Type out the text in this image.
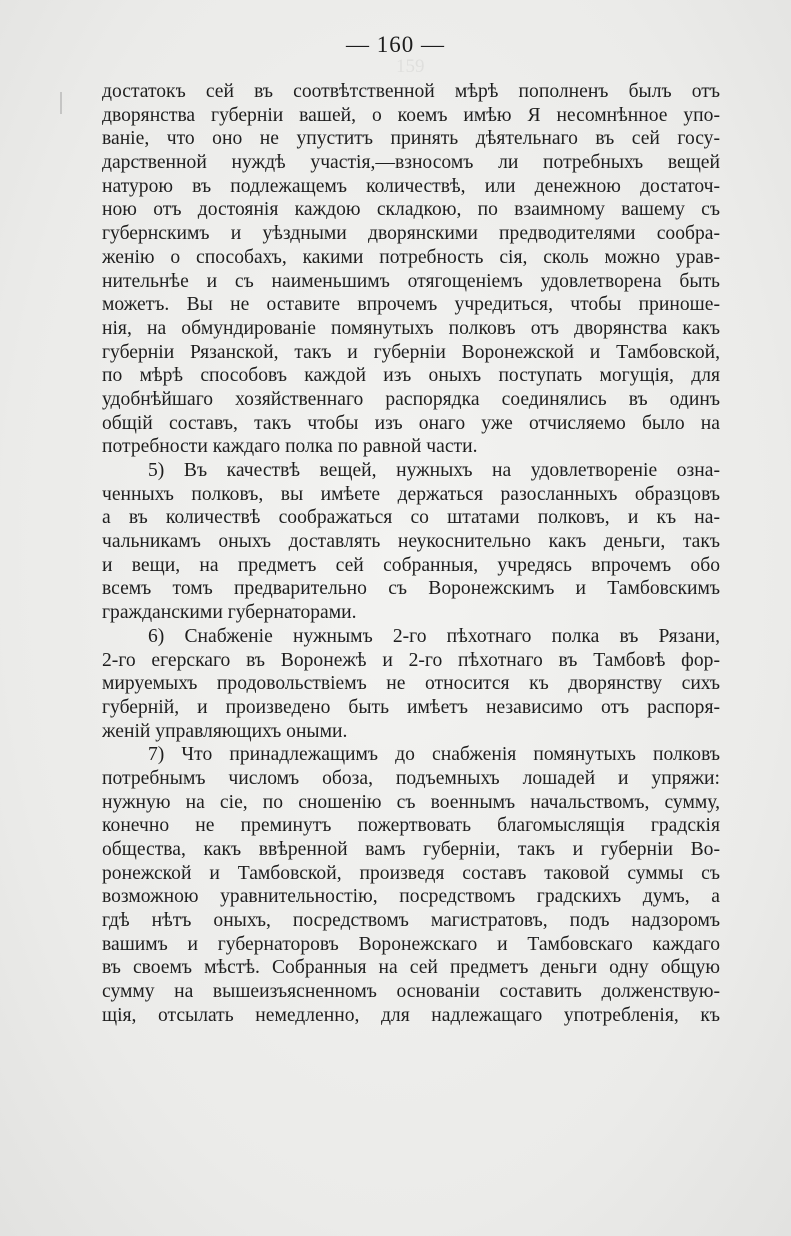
159

— 160 —
достатокъ сей въ соотвѣтственной мѣрѣ пополненъ былъ отъ
дворянства губерніи вашей, о коемъ имѣю Я несомнѣнное упо-
ваніе, что оно не упуститъ принять дѣятельнаго въ сей госу-
дарственной нуждѣ участія,—взносомъ ли потребныхъ вещей
натурою въ подлежащемъ количествѣ, или денежною достаточ-
ною отъ достоянія каждою складкою, по взаимному вашему съ
губернскимъ и уѣздными дворянскими предводителями сообра-
женію о способахъ, какими потребность сія, сколь можно урав-
нительнѣе и съ наименьшимъ отягощеніемъ удовлетворена быть
можетъ. Вы не оставите впрочемъ учредиться, чтобы приноше-
нія, на обмундированіе помянутыхъ полковъ отъ дворянства какъ
губерніи Рязанской, такъ и губерніи Воронежской и Тамбовской,
по мѣрѣ способовъ каждой изъ оныхъ поступать могущія, для
удобнѣйшаго хозяйственнаго распорядка соединялись въ одинъ
общій составъ, такъ чтобы изъ онаго уже отчисляемо было на
потребности каждаго полка по равной части.
5) Въ качествѣ вещей, нужныхъ на удовлетвореніе озна-
ченныхъ полковъ, вы имѣете держаться разосланныхъ образцовъ
а въ количествѣ соображаться со штатами полковъ, и къ на-
чальникамъ оныхъ доставлять неукоснительно какъ деньги, такъ
и вещи, на предметъ сей собранныя, учредясь впрочемъ обо
всемъ томъ предварительно съ Воронежскимъ и Тамбовскимъ
гражданскими губернаторами.
6) Снабженіе нужнымъ 2-го пѣхотнаго полка въ Рязани,
2-го егерскаго въ Воронежѣ и 2-го пѣхотнаго въ Тамбовѣ фор-
мируемыхъ продовольствіемъ не относится къ дворянству сихъ
губерній, и произведено быть имѣетъ независимо отъ распоря-
женій управляющихъ оными.
7) Что принадлежащимъ до снабженія помянутыхъ полковъ
потребнымъ числомъ обоза, подъемныхъ лошадей и упряжи:
нужную на сіе, по сношенію съ военнымъ начальствомъ, сумму,
конечно не преминутъ пожертвовать благомыслящія градскія
общества, какъ ввѣренной вамъ губерніи, такъ и губерніи Во-
ронежской и Тамбовской, произведя составъ таковой суммы съ
возможною уравнительностію, посредствомъ градскихъ думъ, а
гдѣ нѣтъ оныхъ, посредствомъ магистратовъ, подъ надзоромъ
вашимъ и губернаторовъ Воронежскаго и Тамбовскаго каждаго
въ своемъ мѣстѣ. Собранныя на сей предметъ деньги одну общую
сумму на вышеизъясненномъ основаніи составить долженствую-
щія, отсылать немедленно, для надлежащаго употребленія, къ
